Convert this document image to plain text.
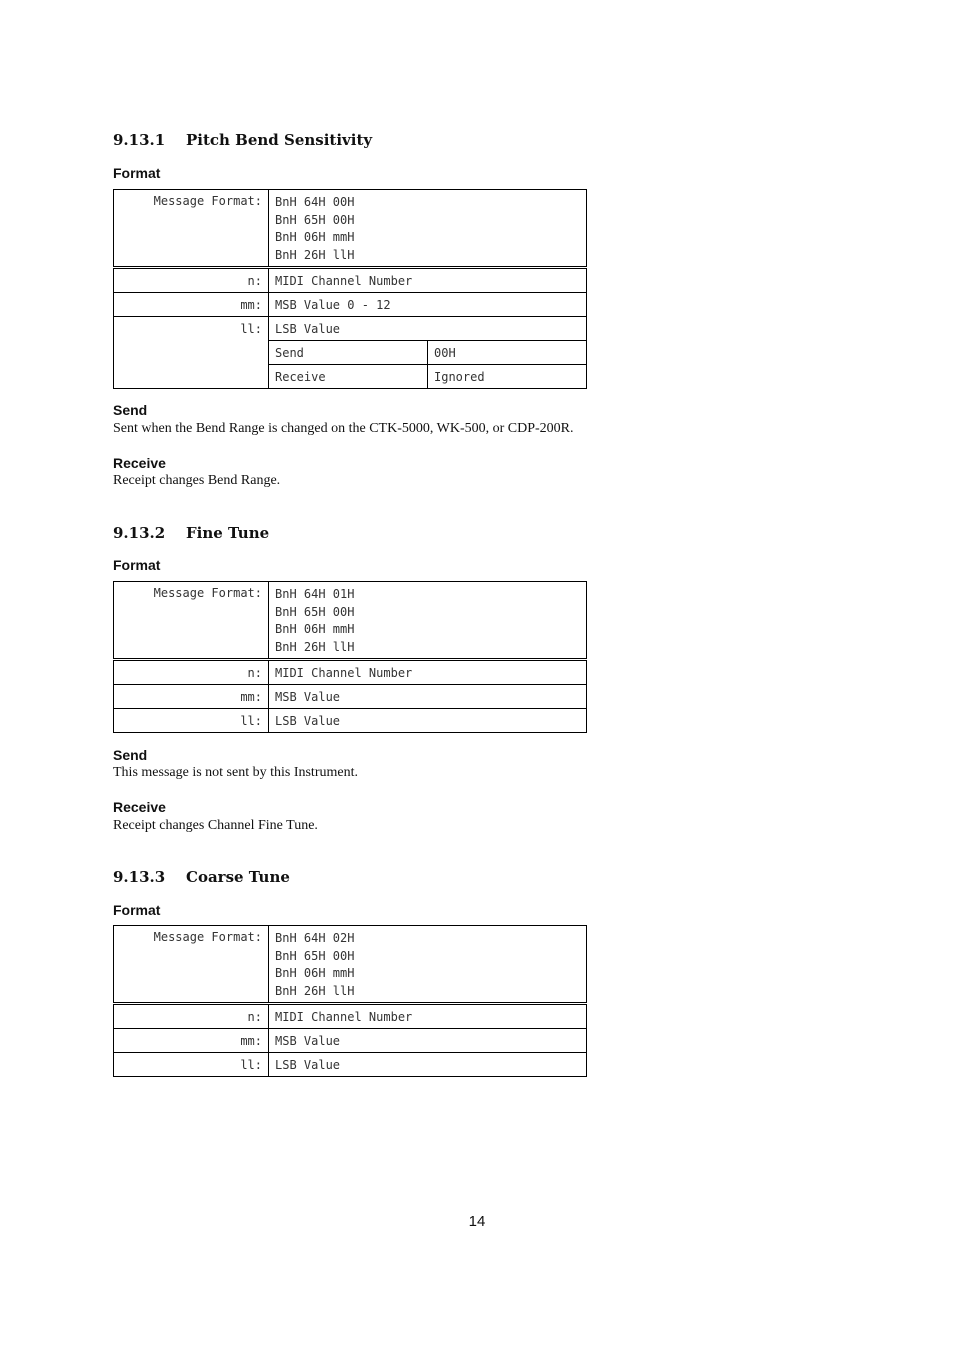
9.13.1 Pitch Bend Sensitivity
Format
Message Format:	BnH 64H 00H
BnH 65H 00H
BnH 06H mmH
BnH 26H llH	

n:	MIDI Channel Number	
mm:	MSB Value 0 - 12	
ll:	LSB Value	
	Send	00H
	Receive	Ignored
Send
Sent when the Bend Range is changed on the CTK-5000, WK-500, or CDP-200R.
Receive
Receipt changes Bend Range.
9.13.2 Fine Tune
Format
Message Format:	BnH 64H 01H
BnH 65H 00H
BnH 06H mmH
BnH 26H llH

n:	MIDI Channel Number
mm:	MSB Value
ll:	LSB Value
Send
This message is not sent by this Instrument.
Receive
Receipt changes Channel Fine Tune.
9.13.3 Coarse Tune
Format
Message Format:	BnH 64H 02H
BnH 65H 00H
BnH 06H mmH
BnH 26H llH

n:	MIDI Channel Number
mm:	MSB Value
ll:	LSB Value
14
